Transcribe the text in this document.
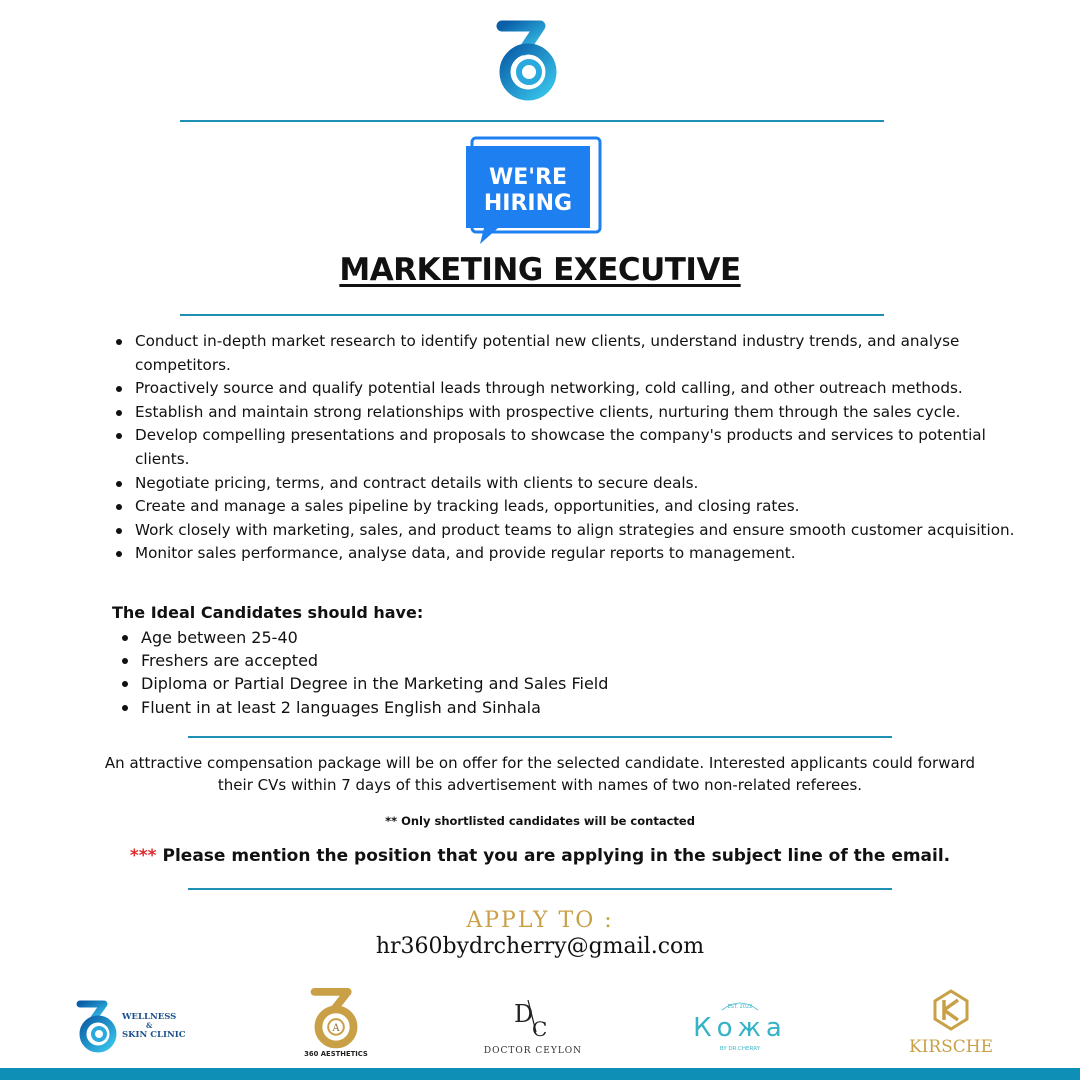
WE'RE
HIRING
MARKETING EXECUTIVE
Conduct in-depth market research to identify potential new clients, understand industry trends, and analyse competitors.
Proactively source and qualify potential leads through networking, cold calling, and other outreach methods.
Establish and maintain strong relationships with prospective clients, nurturing them through the sales cycle.
Develop compelling presentations and proposals to showcase the company's products and services to potential clients.
Negotiate pricing, terms, and contract details with clients to secure deals.
Create and manage a sales pipeline by tracking leads, opportunities, and closing rates.
Work closely with marketing, sales, and product teams to align strategies and ensure smooth customer acquisition.
Monitor sales performance, analyse data, and provide regular reports to management.
The Ideal Candidates should have:
Age between 25-40
Freshers are accepted
Diploma or Partial Degree in the Marketing and Sales Field
Fluent in at least 2 languages English and Sinhala
An attractive compensation package will be on offer for the selected candidate. Interested applicants could forward their CVs within 7 days of this advertisement with names of two non-related referees.
** Only shortlisted candidates will be contacted
*** Please mention the position that you are applying in the subject line of the email.
APPLY TO :
hr360bydrcherry@gmail.com
WELLNESS
&
SKIN CLINIC
A
360 AESTHETICS
D
C
DOCTOR CEYLON
EST. 2022
Кожа
BY DR.CHERRY	KIRSCHE
